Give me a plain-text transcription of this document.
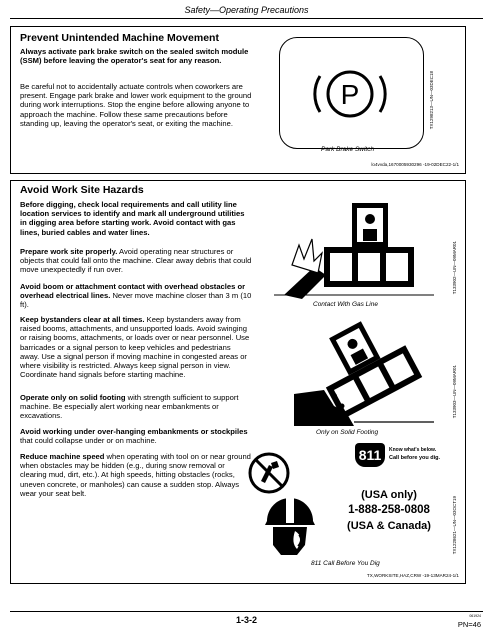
Safety—Operating Precautions
Prevent Unintended Machine Movement
Always activate park brake switch on the sealed switch module (SSM) before leaving the operator's seat for any reason.
Be careful not to accidentally actuate controls when coworkers are present. Engage park brake and lower work equipment to the ground during work interruptions. Stop the engine before allowing anyone to approach the machine. Follow these same precautions before standing up, leaving the operator's seat, or exiting the machine.
P
Park Brake Switch
TX1298213—UN—03DEC18
lo4vvda,1670005930296 -19-02DEC22-1/1
Avoid Work Site Hazards
Before digging, check local requirements and call utility line location services to identify and mark all underground utilities in digging area before starting work. Avoid contact with gas lines, buried cables and water lines.
Prepare work site properly. Avoid operating near structures or objects that could fall onto the machine. Clear away debris that could move unexpectedly if run over.
Avoid boom or attachment contact with overhead obstacles or overhead electrical lines. Never move machine closer than 3 m (10 ft).
Keep bystanders clear at all times. Keep bystanders away from raised booms, attachments, and unsupported loads. Avoid swinging or raising booms, attachments, or loads over or near personnel. Use barricades or a signal person to keep vehicles and pedestrians away. Use a signal person if moving machine in congested areas or where visibility is restricted. Always keep signal person in view. Coordinate hand signals before starting machine.
Operate only on solid footing with strength sufficient to support machine. Be especially alert working near embankments or excavations.
Avoid working under over-hanging embankments or stockpiles that could collapse under or on machine.
Reduce machine speed when operating with tool on or near ground when obstacles may be hidden (e.g., during snow removal or clearing mud, dirt, etc.). At high speeds, hitting obstacles (rocks, uneven concrete, or manholes) can cause a sudden stop. Always wear your seat belt.
Contact With Gas Line
T133902—UN—09MAR01
Only on Solid Footing
T133903—UN—09MAR01
811	Know what's below.
Call before you dig.
(USA only)
1-888-258-0808
(USA & Canada)
811 Call Before You Dig
TX1228621—UN—03OCT19
TX,WORKSITE,HAZ,CRW -19-13MAR24-1/1
1-3-2	061924
PN=46
